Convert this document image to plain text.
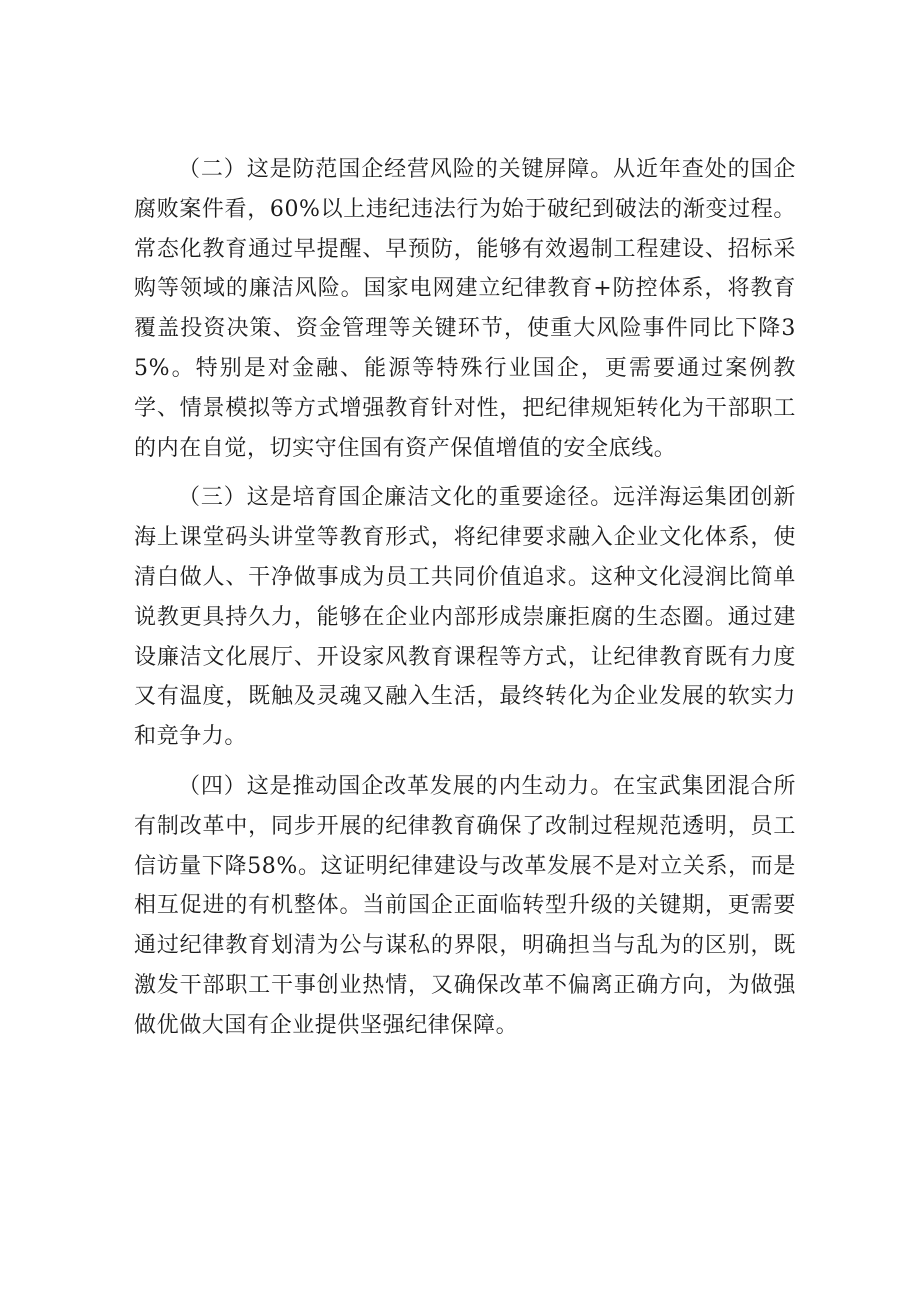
（二）这是防范国企经营风险的关键屏障。从近年查处的国企腐败案件看，60%以上违纪违法行为始于破纪到破法的渐变过程。常态化教育通过早提醒、早预防，能够有效遏制工程建设、招标采购等领域的廉洁风险。国家电网建立纪律教育+防控体系，将教育覆盖投资决策、资金管理等关键环节，使重大风险事件同比下降35%。特别是对金融、能源等特殊行业国企，更需要通过案例教学、情景模拟等方式增强教育针对性，把纪律规矩转化为干部职工的内在自觉，切实守住国有资产保值增值的安全底线。

（三）这是培育国企廉洁文化的重要途径。远洋海运集团创新海上课堂码头讲堂等教育形式，将纪律要求融入企业文化体系，使清白做人、干净做事成为员工共同价值追求。这种文化浸润比简单说教更具持久力，能够在企业内部形成崇廉拒腐的生态圈。通过建设廉洁文化展厅、开设家风教育课程等方式，让纪律教育既有力度又有温度，既触及灵魂又融入生活，最终转化为企业发展的软实力和竞争力。

（四）这是推动国企改革发展的内生动力。在宝武集团混合所有制改革中，同步开展的纪律教育确保了改制过程规范透明，员工信访量下降58%。这证明纪律建设与改革发展不是对立关系，而是相互促进的有机整体。当前国企正面临转型升级的关键期，更需要通过纪律教育划清为公与谋私的界限，明确担当与乱为的区别，既激发干部职工干事创业热情，又确保改革不偏离正确方向，为做强做优做大国有企业提供坚强纪律保障。
